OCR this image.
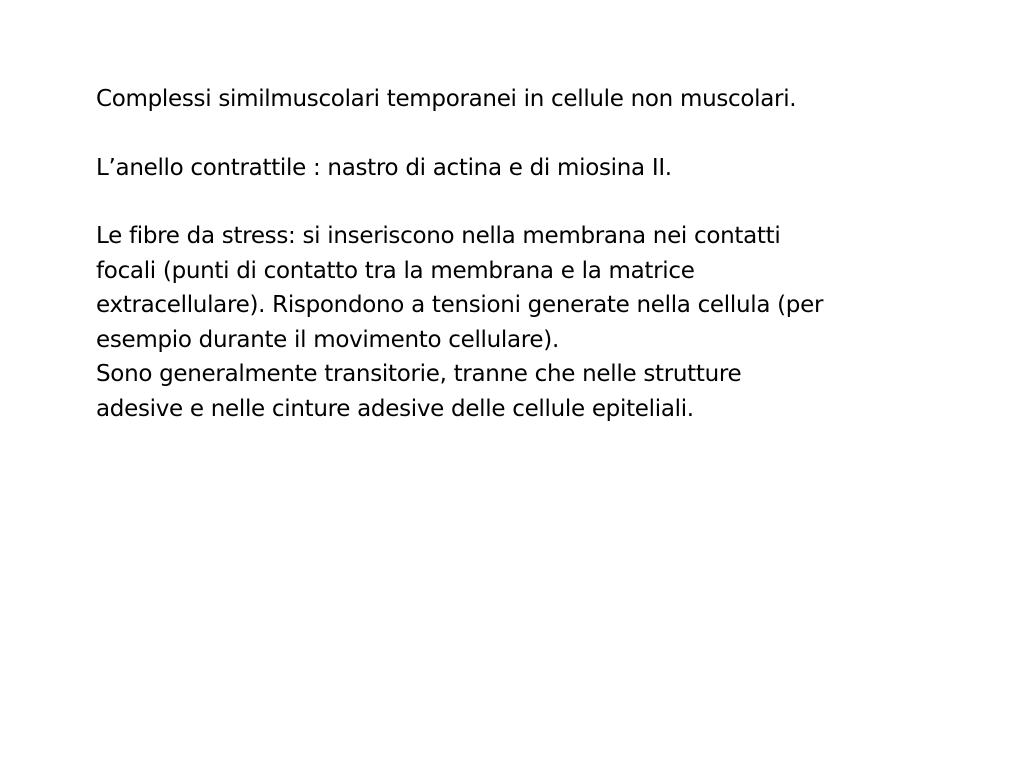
Complessi similmuscolari temporanei in cellule non muscolari.

L’anello contrattile : nastro di actina e di miosina II.

Le fibre da stress: si inseriscono nella membrana nei contatti
focali (punti di contatto tra la membrana e la matrice
extracellulare). Rispondono a tensioni generate nella cellula (per
esempio durante il movimento cellulare).

Sono generalmente transitorie, tranne che nelle strutture
adesive e nelle cinture adesive delle cellule epiteliali.
